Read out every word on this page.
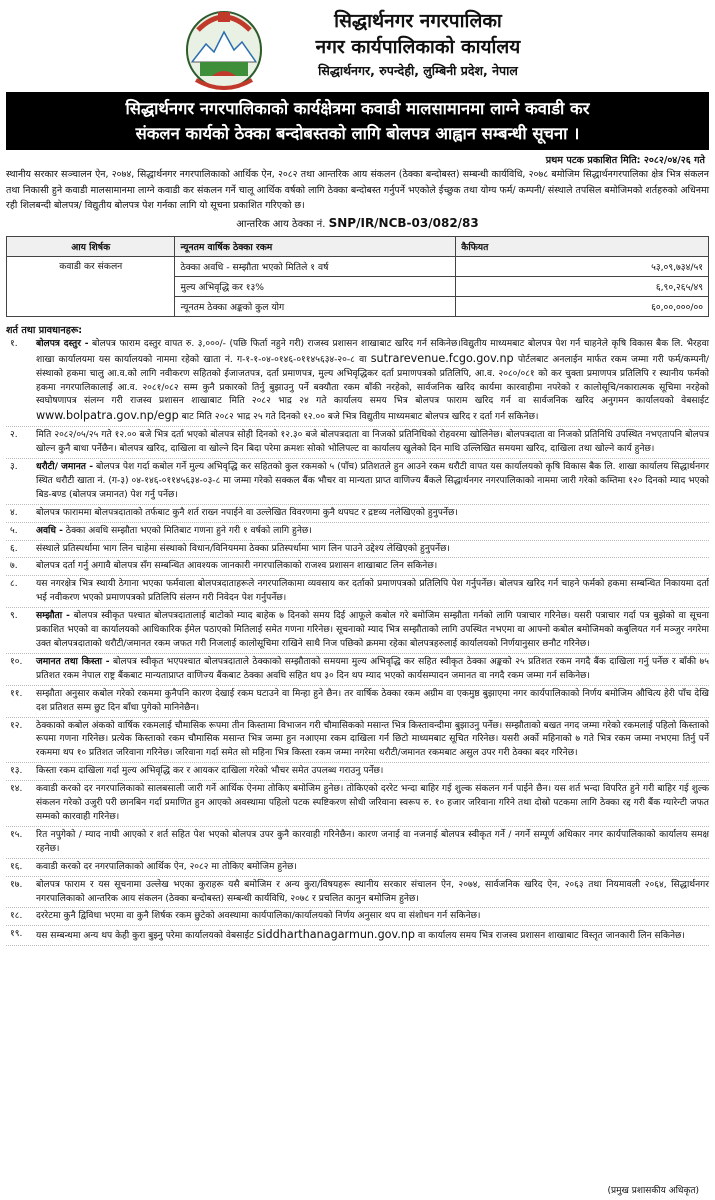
सिद्धार्थनगर नगरपालिका
नगर कार्यपालिकाको कार्यालय
सिद्धार्थनगर, रुपन्देही, लुम्बिनी प्रदेश, नेपाल
सिद्धार्थनगर नगरपालिकाको कार्यक्षेत्रमा कवाडी मालसामानमा लाग्ने कवाडी कर
संकलन कार्यको ठेक्का बन्दोबस्तको लागि बोलपत्र आह्वान सम्बन्धी सूचना ।
प्रथम पटक प्रकाशित मिति: २०८२/०४/२६ गते
स्थानीय सरकार सञ्चालन ऐन, २०७४, सिद्धार्थनगर नगरपालिकाको आर्थिक ऐन, २०८२ तथा आन्तरिक आय संकलन (ठेक्का बन्दोबस्त) सम्बन्धी कार्यविधि, २०७८ बमोजिम सिद्धार्थनगरपालिका क्षेत्र भित्र संकलन तथा निकासी हुने कवाडी मालसामानमा लाग्ने कवाडी कर संकलन गर्ने चालू आर्थिक वर्षको लागि ठेक्का बन्दोबस्त गर्नुपर्ने भएकोले ईच्छुक तथा योग्य फर्म/ कम्पनी/ संस्थाले तपसिल बमोजिमको शर्तहरुको अधिनमा रही शिलबन्दी बोलपत्र/ विद्युतीय बोलपत्र पेश गर्नका लागि यो सूचना प्रकाशित गरिएको छ।
आन्तरिक आय ठेक्का नं. SNP/IR/NCB-03/082/83
आय शिर्षक	न्यूनतम वार्षिक ठेक्का रकम	कैफियत
कवाडी कर संकलन	ठेक्का अवधि - सम्झौता भएको मितिले १ वर्ष	५३,०९,७३४/५१
	मुल्य अभिवृद्धि कर १३%	६,९०,२६५/४९
	न्यूनतम ठेक्का अङ्कको कुल योग	६०,००,०००/००
शर्त तथा प्रावधानहरू:
१.	बोलपत्र दस्तुर - बोलपत्र फाराम दस्तुर वापत रु. ३,०००/- (पछि फिर्ता नहुने गरी) राजस्व प्रशासन शाखाबाट खरिद गर्न सकिनेछ।विद्युतीय माध्यमबाट बोलपत्र पेश गर्न चाहनेले कृषि विकास बैक लि. भैरहवा शाखा कार्यालयमा यस कार्यालयको नाममा रहेको खाता नं. ग-१-१-०४-०१४६-०११४५६३४-२०-८ वा sutrarevenue.fcgo.gov.np पोर्टलबाट अनलाईन मार्फत रकम जम्मा गरी फर्म/कम्पनी/संस्थाको हकमा चालु आ.व.को लागि नवीकरण सहितको ईजाजतपत्र, दर्ता प्रमाणपत्र, मुल्य अभिवृद्धिकर दर्ता प्रमाणपत्रको प्रतिलिपि, आ.व. २०८०/०८१ को कर चुक्ता प्रमाणपत्र प्रतिलिपि र स्थानीय फर्मको हकमा नगरपालिकालाई आ.व. २०८१/०८२ सम्म कुनै प्रकारको तिर्नु बुझाउनु पर्ने बक्यौता रकम बाँकी नरहेको, सार्वजनिक खरिद कार्यमा कारवाहीमा नपरेको र कालोसूचि/नकारात्मक सूचिमा नरहेको स्वघोषणापत्र संलग्न गरी राजस्व प्रशासन शाखाबाट मिति २०८२ भाद्र २४ गते कार्यालय समय भित्र बोलपत्र फाराम खरिद गर्न वा सार्वजनिक खरिद अनुगमन कार्यालयको वेबसाईट www.bolpatra.gov.np/egp बाट मिति २०८२ भाद्र २५ गते दिनको १२.०० बजे भित्र विद्युतीय माध्यमबाट बोलपत्र खरिद र दर्ता गर्न सकिनेछ।
२.	मिति २०८२/०५/२५ गते १२.०० बजे भित्र दर्ता भएको बोलपत्र सोही दिनको १२.३० बजे बोलपत्रदाता वा निजको प्रतिनिधिको रोहवरमा खोलिनेछ। बोलपत्रदाता वा निजको प्रतिनिधि उपस्थित नभएतापनि बोलपत्र खोल्न कुनै बाधा पर्नेछैन। बोलपत्र खरिद, दाखिला वा खोल्ने दिन बिदा परेमा क्रमशः सोको भोलिपल्ट वा कार्यालय खुलेको दिन माथि उल्लिखित समयमा खरिद, दाखिला तथा खोल्ने कार्य हुनेछ।
३.	धरौटी/ जमानत - बोलपत्र पेश गर्दा कबोल गर्ने मुल्य अभिवृद्धि कर सहितको कुल रकमको ५ (पाँच) प्रतिशतले हुन आउने रकम धरौटी वापत यस कार्यालयको कृषि विकास बैक लि. शाखा कार्यालय सिद्धार्थनगर स्थित धरौटी खाता नं. (ग-३) ०४-१४६-०११४५६३४-०३-८ मा जम्मा गरेको सक्कल बैंक भौचर वा मान्यता प्राप्त वाणिज्य बैंकले सिद्धार्थनगर नगरपालिकाको नाममा जारी गरेको कम्तिमा १२० दिनको म्याद भएको बिड-बण्ड (बोलपत्र जमानत) पेश गर्नु पर्नेछ।
४.	बोलपत्र फाराममा बोलपत्रदाताको तर्फबाट कुनै शर्त राख्न नपाईने वा उल्लेखित विवरणमा कुनै थपघट र द्रष्टव्य नलेखिएको हुनुपर्नेछ।
५.	अवधि - ठेक्का अवधि सम्झौता भएको मितिबाट गणना हुने गरी १ वर्षको लागि हुनेछ।
६.	संस्थाले प्रतिस्पर्धामा भाग लिन चाहेमा संस्थाको विधान/विनियममा ठेक्का प्रतिस्पर्धामा भाग लिन पाउने उद्देश्य लेखिएको हुनुपर्नेछ।
७.	बोलपत्र दर्ता गर्नु अगावै बोलपत्र सँग सम्बन्धित आवश्यक जानकारी नगरपालिकाको राजश्व प्रशासन शाखाबाट लिन सकिनेछ।
८.	यस नगरक्षेत्र भित्र स्थायी ठेगाना भएका फर्मवाला बोलपत्रदाताहरूले नगरपालिकामा व्यवसाय कर दर्ताको प्रमाणपत्रको प्रतिलिपि पेश गर्नुपर्नेछ। बोलपत्र खरिद गर्न चाहने फर्मको हकमा सम्बन्धित निकायमा दर्ता भई नवीकरण भएको प्रमाणपत्रको प्रतिलिपि संलग्न गरी निवेदन पेश गर्नुपर्नेछ।
९.	सम्झौता - बोलपत्र स्वीकृत पश्चात बोलपत्रदातालाई बाटोको म्याद बाहेक ७ दिनको समय दिई आफूले कबोल गरे बमोजिम सम्झौता गर्नको लागि पत्राचार गरिनेछ। यसरी पत्राचार गर्दा पत्र बुझेको वा सूचना प्रकाशित भएको वा कार्यालयको आधिकारिक ईमेल पठाएको मितिलाई समेत गणना गरिनेछ। सूचनाको म्याद भित्र सम्झौताको लागि उपस्थित नभएमा वा आफ्नो कबोल बमोजिमको कबुलियत गर्न मञ्जुर नगरेमा उक्त बोलपत्रदाताको धरौटी/जमानत रकम जफत गरी निजलाई कालोसूचिमा राखिने साथै निज पछिको क्रममा रहेका बोलपत्रहरुलाई कार्यालयको निर्णयानुसार छनौट गरिनेछ।
१०.	जमानत तथा किस्ता - बोलपत्र स्वीकृत भएपश्चात बोलपत्रदाताले ठेक्काको सम्झौताको समयमा मुल्य अभिवृद्धि कर सहित स्वीकृत ठेक्का अङ्कको २५ प्रतिशत रकम नगदै बैंक दाखिला गर्नु पर्नेछ र बाँकी ७५ प्रतिशत रकम नेपाल राष्ट्र बैंकबाट मान्यताप्राप्त वाणिज्य बैंकबाट ठेक्का अवधि सहित थप ३० दिन थप म्याद भएको कार्यसम्पादन जमानत वा नगदै रकम जम्मा गर्न सकिनेछ।
११.	सम्झौता अनुसार कबोल गरेको रकममा कुनैपनि कारण देखाई रकम घटाउने वा मिन्हा हुने छैन। तर वार्षिक ठेक्का रकम अग्रीम वा एकमुष्ठ बुझाएमा नगर कार्यपालिकाको निर्णय बमोजिम औचित्य हेरी पाँच देखि दश प्रतिशत सम्म छुट दिन बाँधा पुगेको मानिनेछैन।
१२.	ठेक्काको कबोल अंकको वार्षिक रकमलाई चौमासिक रूपमा तीन किस्तामा विभाजन गरी चौमासिकको मसान्त भित्र किस्तावन्दीमा बुझाउनु पर्नेछ। सम्झौताको बखत नगद जम्मा गरेको रकमलाई पहिलो किस्ताको रूपमा गणना गरिनेछ। प्रत्येक किस्ताको रकम चौमासिक मसान्त भित्र जम्मा हुन नआएमा रकम दाखिला गर्न छिटो माध्यमबाट सूचित गरिनेछ। यसरी अर्को महिनाको ७ गते भित्र रकम जम्मा नभएमा तिर्नु पर्ने रकममा थप १० प्रतिशत जरिवाना गरिनेछ। जरिवाना गर्दा समेत सो महिना भित्र किस्ता रकम जम्मा नगरेमा धरौटी/जमानत रकमबाट असुल उपर गरी ठेक्का बदर गरिनेछ।
१३.	किस्ता रकम दाखिला गर्दा मुल्य अभिवृद्धि कर र आयकर दाखिला गरेको भौचर समेत उपलब्ध गराउनु पर्नेछ।
१४.	कवाडी करको दर नगरपालिकाको सालबसाली जारी गर्ने आर्थिक ऐनमा तोकिए बमोजिम हुनेछ। तोकिएको दररेट भन्दा बाहिर गई शुल्क संकलन गर्न पाईने छैन। यस शर्त भन्दा विपरित हुने गरी बाहिर गई शुल्क संकलन गरेको उजुरी परी छानबिन गर्दा प्रमाणित हुन आएको अवस्थामा पहिलो पटक स्पष्टिकरण सोधी जरिवाना स्वरूप रु. १० हजार जरिवाना गरिने तथा दोस्रो पटकमा लागि ठेक्का रद्द गरी बैंक ग्यारेन्टी जफत सम्मको कारवाही गरिनेछ।
१५.	रित नपुगेको / म्याद नाघी आएको र शर्त सहित पेश भएको बोलपत्र उपर कुनै कारवाही गरिनेछैन। कारण जनाई वा नजनाई बोलपत्र स्वीकृत गर्ने / नगर्ने सम्पूर्ण अधिकार नगर कार्यपालिकाको कार्यालय समक्ष रहनेछ।
१६.	कवाडी करको दर नगरपालिकाको आर्थिक ऐन, २०८२ मा तोकिए बमोजिम हुनेछ।
१७.	बोलपत्र फाराम र यस सूचनामा उल्लेख भएका कुराहरू यसै बमोजिम र अन्य कुरा/विषयहरू स्थानीय सरकार संचालन ऐन, २०७४, सार्वजनिक खरिद ऐन, २०६३ तथा नियमावली २०६४, सिद्धार्थनगर नगरपालिकाको आन्तरिक आय संकलन (ठेक्का बन्दोबस्त) सम्बन्धी कार्यविधि, २०७८ र प्रचलित कानुन बमोजिम हुनेछ।
१८.	दररेटमा कुनै द्विविधा भएमा वा कुनै शिर्षक रकम छुटेको अवस्थामा कार्यपालिका/कार्यालयको निर्णय अनुसार थप वा संशोधन गर्न सकिनेछ।
१९.	यस सम्बन्धमा अन्य थप केही कुरा बुझ्नु परेमा कार्यालयको वेबसाईट siddharthanagarmun.gov.np वा कार्यालय समय भित्र राजस्व प्रशासन शाखाबाट विस्तृत जानकारी लिन सकिनेछ।
(प्रमुख प्रशासकीय अधिकृत)
